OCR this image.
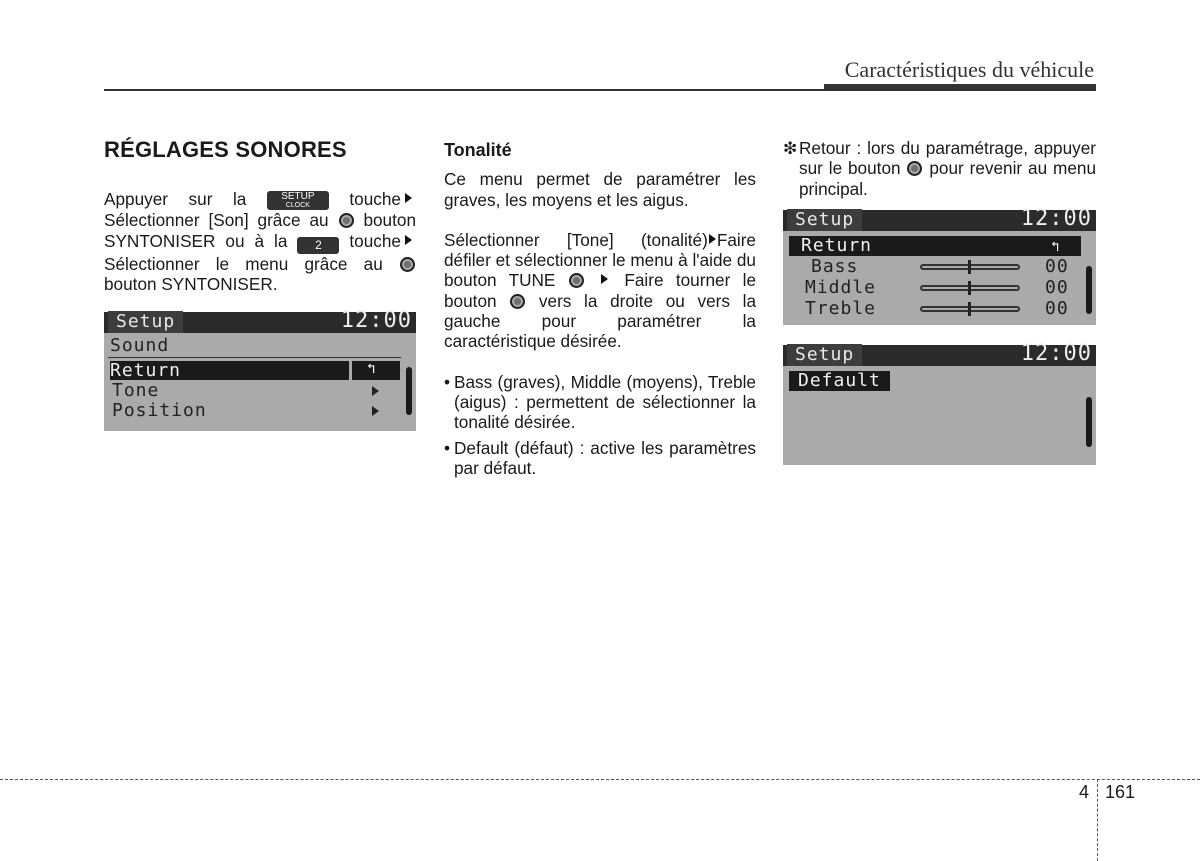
Caractéristiques du véhicule
RÉGLAGES SONORES

Appuyer sur la	SETUP
CLOCK	touche Sélectionner [Son] grâce au bouton SYNTONISER ou à la 2 touche Sélectionner le menu grâce au  bouton SYNTONISER.

Setup	12:00
Sound
Return	↰
Tone
Position
Tonalité

Ce menu permet de paramétrer les graves, les moyens et les aigus.

Sélectionner [Tone] (tonalité) Faire défiler et sélectionner le menu à l'aide du bouton TUNE	Faire tourner le bouton vers la droite ou vers la gauche pour paramétrer la caractéristique désirée.

• Bass (graves), Middle (moyens), Treble (aigus) : permettent de sélectionner la tonalité désirée.
• Default (défaut) : active les paramètres par défaut.
❇ Retour : lors du paramétrage, appuyer sur le bouton pour revenir au menu principal.
Setup	12:00
Return	↰
Bass	00
Middle	00
Treble	00
Setup	12:00
Default
4 161
